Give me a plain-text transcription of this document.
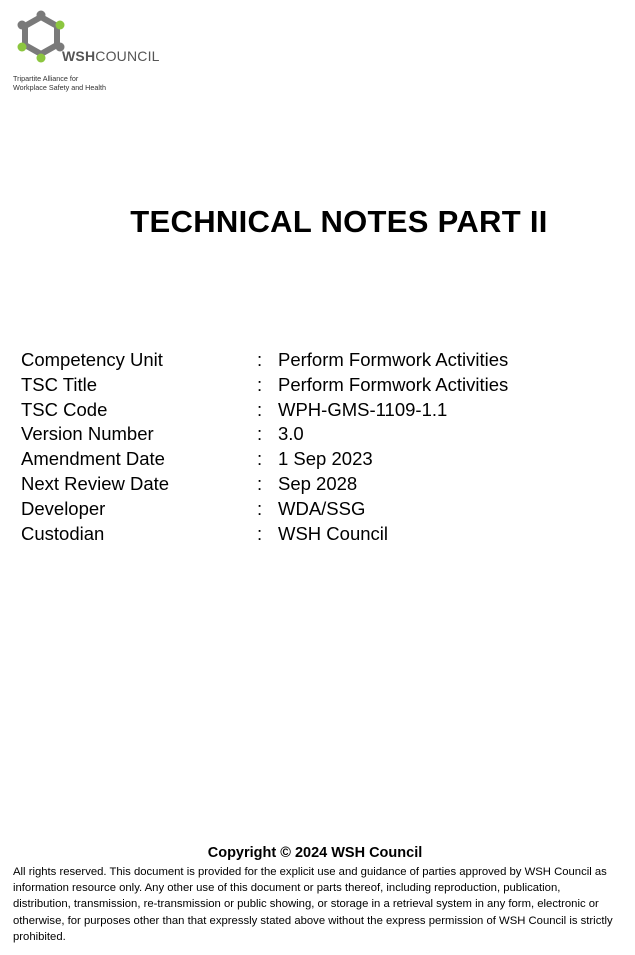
WSHCOUNCIL
Tripartite Alliance for
Workplace Safety and Health
TECHNICAL NOTES PART II
Competency Unit	: Perform Formwork Activities
TSC Title	: Perform Formwork Activities
TSC Code	: WPH-GMS-1109-1.1
Version Number	: 3.0
Amendment Date	: 1 Sep 2023
Next Review Date	: Sep 2028
Developer	: WDA/SSG
Custodian	: WSH Council
Copyright © 2024 WSH Council
All rights reserved. This document is provided for the explicit use and guidance of parties approved by WSH Council as information resource only. Any other use of this document or parts thereof, including reproduction, publication, distribution, transmission, re-transmission or public showing, or storage in a retrieval system in any form, electronic or otherwise, for purposes other than that expressly stated above without the express permission of WSH Council is strictly prohibited.
